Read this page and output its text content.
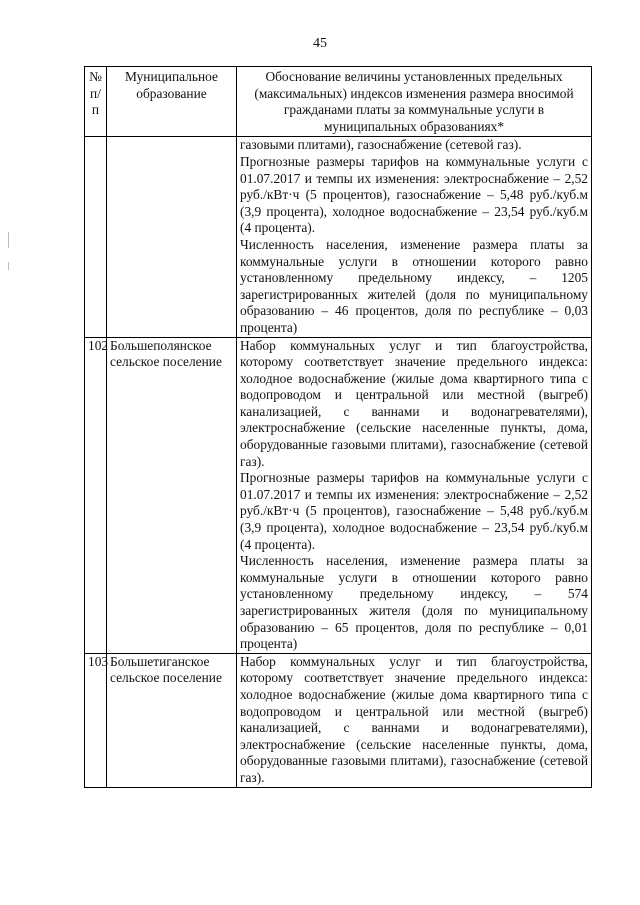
45
№ п/п	Муниципальное образование	Обоснование величины установленных предельных (максимальных) индексов изменения размера вносимой гражданами платы за коммунальные услуги в муниципальных образованиях*

		газовыми плитами), газоснабжение (сетевой газ).

Прогнозные размеры тарифов на коммунальные услуги с 01.07.2017 и темпы их изменения: электроснабжение – 2,52 руб./кВт·ч (5 процентов), газоснабжение – 5,48 руб./куб.м (3,9 процента), холодное водоснабжение – 23,54 руб./куб.м (4 процента).

Численность населения, изменение размера платы за коммунальные услуги в отношении которого равно установленному предельному индексу, – 1205 зарегистрированных жителей (доля по муниципальному образованию – 46 процентов, доля по республике – 0,03 процента)

102	Большеполянское сельское поселение	Набор коммунальных услуг и тип благоустройства, которому соответствует значение предельного индекса: холодное водоснабжение (жилые дома квартирного типа с водопроводом и центральной или местной (выгреб) канализацией, с ваннами и водонагревателями), электроснабжение (сельские населенные пункты, дома, оборудованные газовыми плитами), газоснабжение (сетевой газ).

Прогнозные размеры тарифов на коммунальные услуги с 01.07.2017 и темпы их изменения: электроснабжение – 2,52 руб./кВт·ч (5 процентов), газоснабжение – 5,48 руб./куб.м (3,9 процента), холодное водоснабжение – 23,54 руб./куб.м (4 процента).

Численность населения, изменение размера платы за коммунальные услуги в отношении которого равно установленному предельному индексу, – 574 зарегистрированных жителя (доля по муниципальному образованию – 65 процентов, доля по республике – 0,01 процента)

103	Большетиганское сельское поселение	Набор коммунальных услуг и тип благоустройства, которому соответствует значение предельного индекса: холодное водоснабжение (жилые дома квартирного типа с водопроводом и центральной или местной (выгреб) канализацией, с ваннами и водонагревателями), электроснабжение (сельские населенные пункты, дома, оборудованные газовыми плитами), газоснабжение (сетевой газ).
